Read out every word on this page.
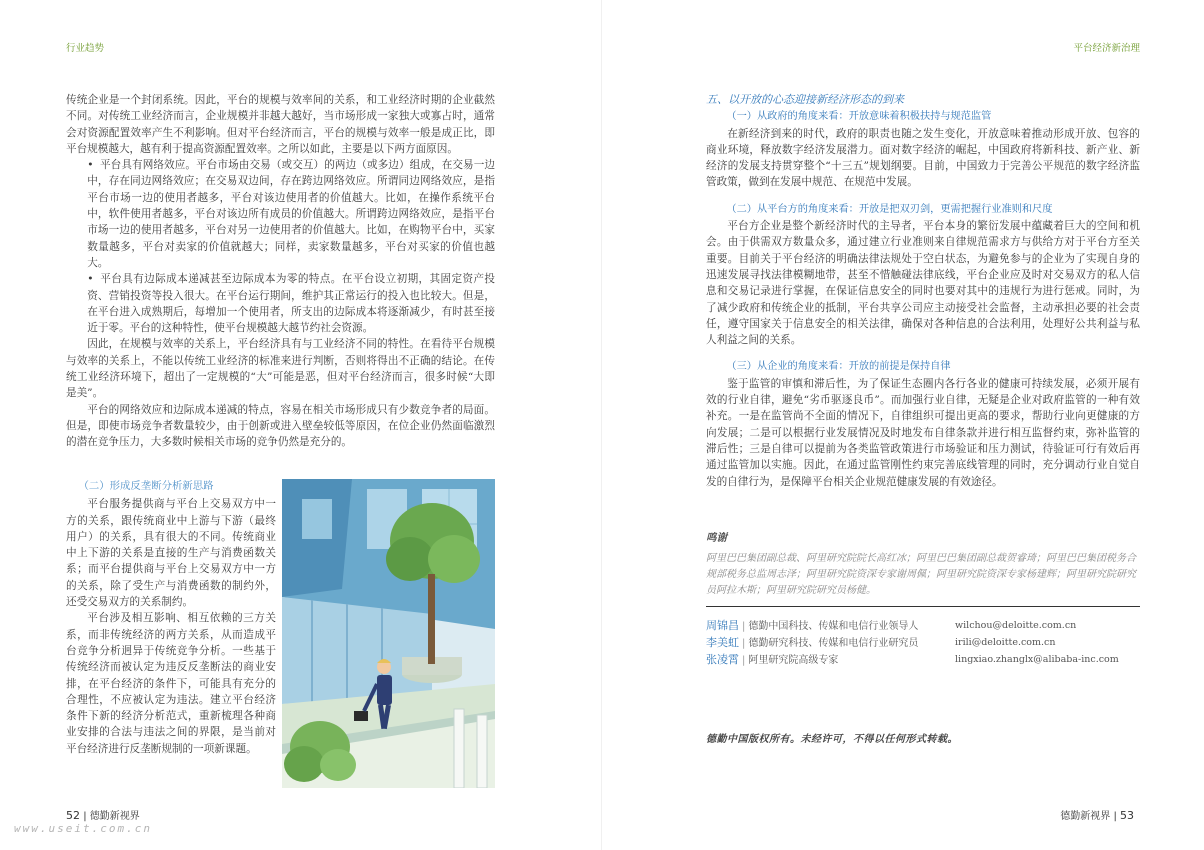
行业趋势

传统企业是一个封闭系统。因此，平台的规模与效率间的关系，和工业经济时期的企业截然不同。对传统工业经济而言，企业规模并非越大越好，当市场形成一家独大或寡占时，通常会对资源配置效率产生不利影响。但对平台经济而言，平台的规模与效率一般是成正比，即平台规模越大，越有利于提高资源配置效率。之所以如此，主要是以下两方面原因。

• 平台具有网络效应。平台市场由交易（或交互）的两边（或多边）组成，在交易一边中，存在同边网络效应；在交易双边间，存在跨边网络效应。所谓同边网络效应，是指平台市场一边的使用者越多，平台对该边使用者的价值越大。比如，在操作系统平台中，软件使用者越多，平台对该边所有成员的价值越大。所谓跨边网络效应，是指平台市场一边的使用者越多，平台对另一边使用者的价值越大。比如，在购物平台中，买家数量越多，平台对卖家的价值就越大；同样，卖家数量越多，平台对买家的价值也越大。

• 平台具有边际成本递减甚至边际成本为零的特点。在平台设立初期，其固定资产投资、营销投资等投入很大。在平台运行期间，维护其正常运行的投入也比较大。但是，在平台进入成熟期后，每增加一个使用者，所支出的边际成本将逐渐减少，有时甚至接近于零。平台的这种特性，使平台规模越大越节约社会资源。

因此，在规模与效率的关系上，平台经济具有与工业经济不同的特性。在看待平台规模与效率的关系上，不能以传统工业经济的标准来进行判断，否则将得出不正确的结论。在传统工业经济环境下，超出了一定规模的“大”可能是恶，但对平台经济而言，很多时候“大即是美”。

平台的网络效应和边际成本递减的特点，容易在相关市场形成只有少数竞争者的局面。但是，即使市场竞争者数量较少，由于创新或进入壁垒较低等原因，在位企业仍然面临激烈的潜在竞争压力，大多数时候相关市场的竞争仍然是充分的。

（二）形成反垄断分析新思路

平台服务提供商与平台上交易双方中一方的关系，跟传统商业中上游与下游（最终用户）的关系，具有很大的不同。传统商业中上下游的关系是直接的生产与消费函数关系；而平台提供商与平台上交易双方中一方的关系，除了受生产与消费函数的制约外，还受交易双方的关系制约。

平台涉及相互影响、相互依赖的三方关系，而非传统经济的两方关系，从而造成平台竞争分析迥异于传统竞争分析。一些基于传统经济而被认定为违反反垄断法的商业安排，在平台经济的条件下，可能具有充分的合理性，不应被认定为违法。建立平台经济条件下新的经济分析范式，重新梳理各种商业安排的合法与违法之间的界限，是当前对平台经济进行反垄断规制的一项新课题。

52 | 德勤新视界
www.useit.com.cn
平台经济新治理
五、以开放的心态迎接新经济形态的到来
（一）从政府的角度来看：开放意味着积极扶持与规范监管

在新经济到来的时代，政府的职责也随之发生变化，开放意味着推动形成开放、包容的商业环境，释放数字经济发展潜力。面对数字经济的崛起，中国政府将新科技、新产业、新经济的发展支持贯穿整个“十三五”规划纲要。目前，中国致力于完善公平规范的数字经济监管政策，做到在发展中规范、在规范中发展。

（二）从平台方的角度来看：开放是把双刃剑，更需把握行业准则和尺度

平台方企业是整个新经济时代的主导者，平台本身的繁衍发展中蕴藏着巨大的空间和机会。由于供需双方数量众多，通过建立行业准则来自律规范需求方与供给方对于平台方至关重要。目前关于平台经济的明确法律法规处于空白状态，为避免参与的企业为了实现自身的迅速发展寻找法律模糊地带，甚至不惜触碰法律底线，平台企业应及时对交易双方的私人信息和交易记录进行掌握，在保证信息安全的同时也要对其中的违规行为进行惩戒。同时，为了减少政府和传统企业的抵制，平台共享公司应主动接受社会监督，主动承担必要的社会责任，遵守国家关于信息安全的相关法律，确保对各种信息的合法利用，处理好公共利益与私人利益之间的关系。

（三）从企业的角度来看：开放的前提是保持自律

鉴于监管的审慎和滞后性，为了保证生态圈内各行各业的健康可持续发展，必须开展有效的行业自律，避免“劣币驱逐良币”。而加强行业自律，无疑是企业对政府监管的一种有效补充。一是在监管尚不全面的情况下，自律组织可提出更高的要求，帮助行业向更健康的方向发展；二是可以根据行业发展情况及时地发布自律条款并进行相互监督约束，弥补监管的滞后性；三是自律可以提前为各类监管政策进行市场验证和压力测试，待验证可行有效后再通过监管加以实施。因此，在通过监管刚性约束完善底线管理的同时，充分调动行业自觉自发的自律行为，是保障平台相关企业规范健康发展的有效途径。

鸣谢
阿里巴巴集团副总裁、阿里研究院院长高红冰；阿里巴巴集团副总裁贺睿琦；阿里巴巴集团税务合规部税务总监周志泽；阿里研究院资深专家谢周佩；阿里研究院资深专家杨建辉；阿里研究院研究员阿拉木斯；阿里研究院研究员杨健。
周锦昌 | 德勤中国科技、传媒和电信行业领导人	wilchou@deloitte.com.cn
李美虹 | 德勤研究科技、传媒和电信行业研究员	irili@deloitte.com.cn
张凌霄 | 阿里研究院高级专家	lingxiao.zhanglx@alibaba-inc.com
德勤中国版权所有。未经许可，不得以任何形式转载。
德勤新视界 | 53
